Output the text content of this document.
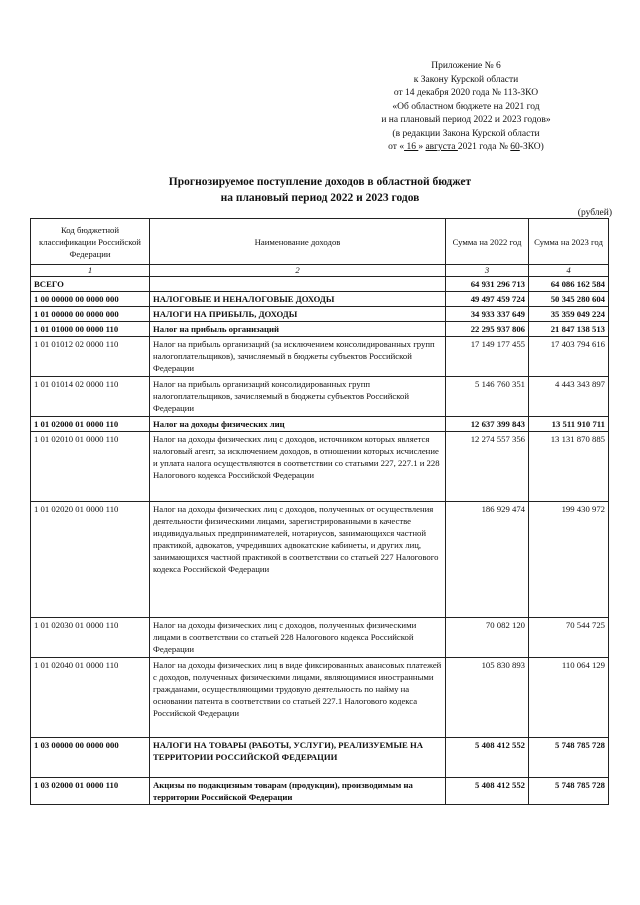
Приложение № 6
к Закону Курской области
от 14 декабря 2020 года № 113-ЗКО
«Об областном бюджете на 2021 год
и на плановый период 2022 и 2023 годов»
(в редакции Закона Курской области
от « 16 » августа 2021 года № 60-ЗКО)
Прогнозируемое поступление доходов в областной бюджет
на плановый период 2022 и 2023 годов
(рублей)
Код бюджетной классификации Российской Федерации	Наименование доходов	Сумма на 2022 год	Сумма на 2023 год
1	2	3	4
ВСЕГО		64 931 296 713	64 086 162 584
1 00 00000 00 0000 000	НАЛОГОВЫЕ И НЕНАЛОГОВЫЕ ДОХОДЫ	49 497 459 724	50 345 280 604
1 01 00000 00 0000 000	НАЛОГИ НА ПРИБЫЛЬ, ДОХОДЫ	34 933 337 649	35 359 049 224
1 01 01000 00 0000 110	Налог на прибыль организаций	22 295 937 806	21 847 138 513
1 01 01012 02 0000 110	Налог на прибыль организаций (за исключением консолидированных групп налогоплательщиков), зачисляемый в бюджеты субъектов Российской Федерации	17 149 177 455	17 403 794 616
1 01 01014 02 0000 110	Налог на прибыль организаций консолидированных групп налогоплательщиков, зачисляемый в бюджеты субъектов Российской Федерации	5 146 760 351	4 443 343 897
1 01 02000 01 0000 110	Налог на доходы физических лиц	12 637 399 843	13 511 910 711
1 01 02010 01 0000 110	Налог на доходы физических лиц с доходов, источником которых является налоговый агент, за исключением доходов, в отношении которых исчисление и уплата налога осуществляются в соответствии со статьями 227, 227.1 и 228 Налогового кодекса Российской Федерации	12 274 557 356	13 131 870 885
1 01 02020 01 0000 110	Налог на доходы физических лиц с доходов, полученных от осуществления деятельности физическими лицами, зарегистрированными в качестве индивидуальных предпринимателей, нотариусов, занимающихся частной практикой, адвокатов, учредивших адвокатские кабинеты, и других лиц, занимающихся частной практикой в соответствии со статьей 227 Налогового кодекса Российской Федерации	186 929 474	199 430 972
1 01 02030 01 0000 110	Налог на доходы физических лиц с доходов, полученных физическими лицами в соответствии со статьей 228 Налогового кодекса Российской Федерации	70 082 120	70 544 725
1 01 02040 01 0000 110	Налог на доходы физических лиц в виде фиксированных авансовых платежей с доходов, полученных физическими лицами, являющимися иностранными гражданами, осуществляющими трудовую деятельность по найму на основании патента в соответствии со статьей 227.1 Налогового кодекса Российской Федерации	105 830 893	110 064 129
1 03 00000 00 0000 000	НАЛОГИ НА ТОВАРЫ (РАБОТЫ, УСЛУГИ), РЕАЛИЗУЕМЫЕ НА ТЕРРИТОРИИ РОССИЙСКОЙ ФЕДЕРАЦИИ	5 408 412 552	5 748 785 728
1 03 02000 01 0000 110	Акцизы по подакцизным товарам (продукции), производимым на территории Российской Федерации	5 408 412 552	5 748 785 728
